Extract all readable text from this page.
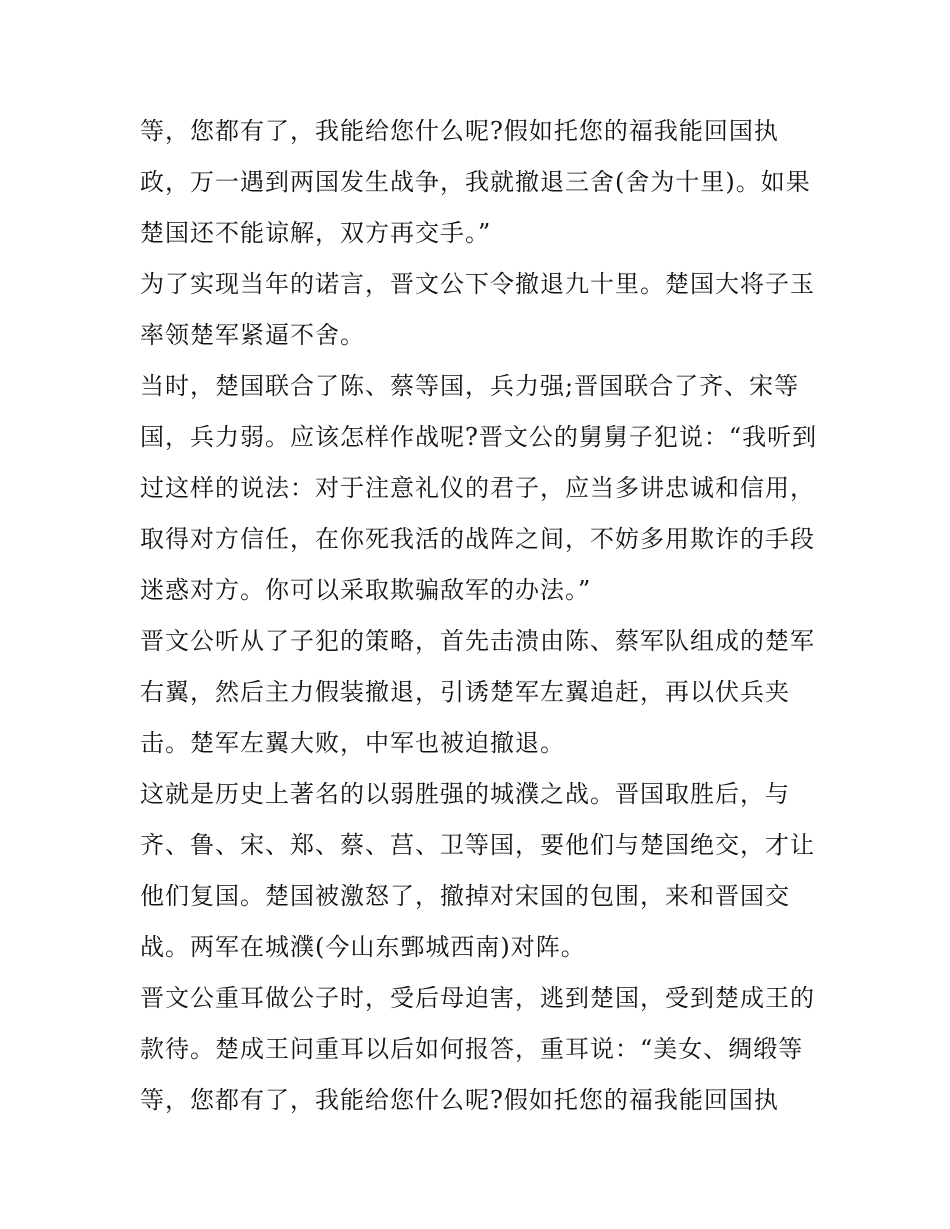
等，您都有了，我能给您什么呢?假如托您的福我能回国执
政，万一遇到两国发生战争，我就撤退三舍(舍为十里)。如果
楚国还不能谅解，双方再交手。”
为了实现当年的诺言，晋文公下令撤退九十里。楚国大将子玉
率领楚军紧逼不舍。
当时，楚国联合了陈、蔡等国，兵力强;晋国联合了齐、宋等
国，兵力弱。应该怎样作战呢?晋文公的舅舅子犯说：“我听到
过这样的说法：对于注意礼仪的君子，应当多讲忠诚和信用，
取得对方信任，在你死我活的战阵之间，不妨多用欺诈的手段
迷惑对方。你可以采取欺骗敌军的办法。”
晋文公听从了子犯的策略，首先击溃由陈、蔡军队组成的楚军
右翼，然后主力假装撤退，引诱楚军左翼追赶，再以伏兵夹
击。楚军左翼大败，中军也被迫撤退。
这就是历史上著名的以弱胜强的城濮之战。晋国取胜后，与
齐、鲁、宋、郑、蔡、莒、卫等国，要他们与楚国绝交，才让
他们复国。楚国被激怒了，撤掉对宋国的包围，来和晋国交
战。两军在城濮(今山东鄄城西南)对阵。
晋文公重耳做公子时，受后母迫害，逃到楚国，受到楚成王的
款待。楚成王问重耳以后如何报答，重耳说：“美女、绸缎等
等，您都有了，我能给您什么呢?假如托您的福我能回国执
